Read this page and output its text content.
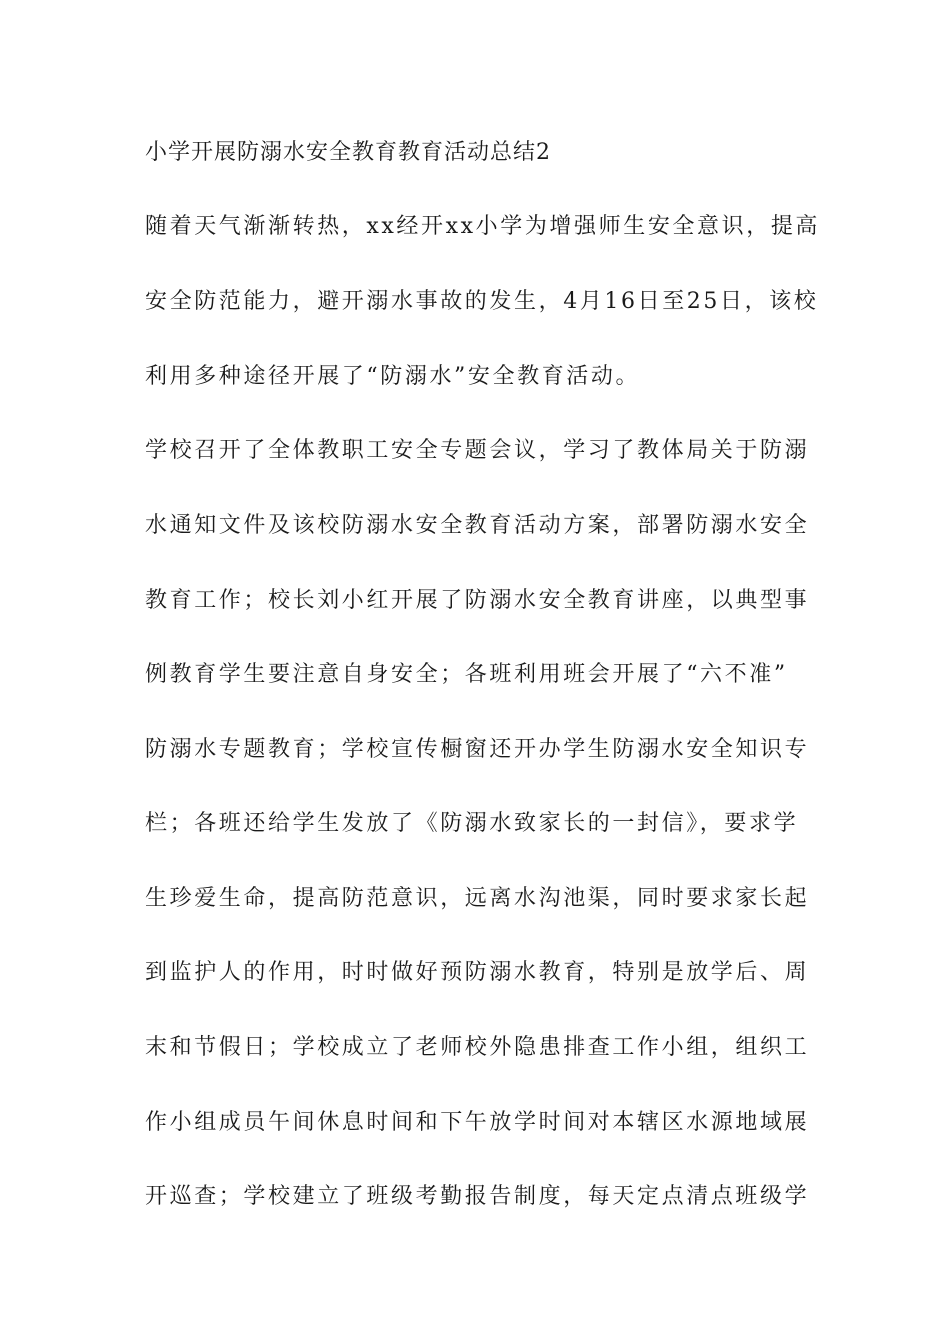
小学开展防溺水安全教育教育活动总结2
随着天气渐渐转热，xx经开xx小学为增强师生安全意识，提高
安全防范能力，避开溺水事故的发生，4月16日至25日，该校
利用多种途径开展了“防溺水”安全教育活动。
学校召开了全体教职工安全专题会议，学习了教体局关于防溺
水通知文件及该校防溺水安全教育活动方案，部署防溺水安全
教育工作；校长刘小红开展了防溺水安全教育讲座，以典型事
例教育学生要注意自身安全；各班利用班会开展了“六不准”
防溺水专题教育；学校宣传橱窗还开办学生防溺水安全知识专
栏；各班还给学生发放了《防溺水致家长的一封信》，要求学
生珍爱生命，提高防范意识，远离水沟池渠，同时要求家长起
到监护人的作用，时时做好预防溺水教育，特别是放学后、周
末和节假日；学校成立了老师校外隐患排查工作小组，组织工
作小组成员午间休息时间和下午放学时间对本辖区水源地域展
开巡查；学校建立了班级考勤报告制度，每天定点清点班级学
